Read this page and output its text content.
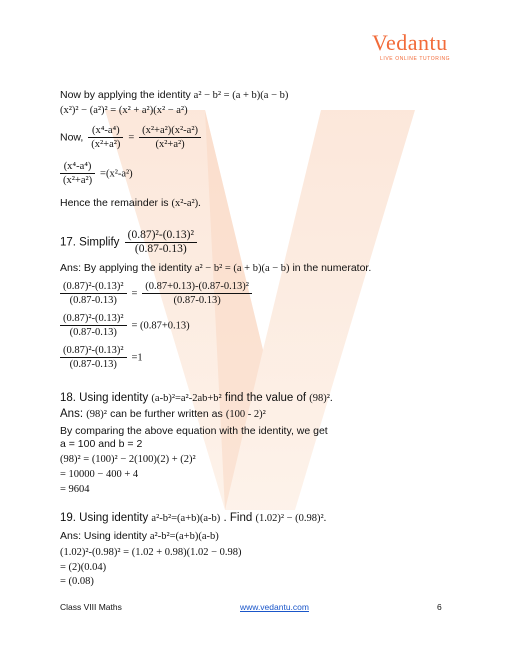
Vedantu
LIVE ONLINE TUTORING
Now by applying the identity a² − b² = (a + b)(a − b)
(x²)² − (a²)² = (x² + a²)(x² − a²)
Now, $\frac{\text{(x⁴-a⁴)}}{\text{(x²+a²)}} = \frac{\text{(x²+a²)(x²-a²)}}{\text{(x²+a²)}}$
$\frac{\text{(x⁴-a⁴)}}{\text{(x²+a²)}} =(x^2-a^2)$
Hence the remainder is (x²-a²).
17. Simplify $\frac{\text{(0.87)²-(0.13)²}}{(0.87-0.13)}$
Ans: By applying the identity a² − b² = (a + b)(a − b) in the numerator.
$\frac{\text{(0.87)²-(0.13)²}}{(0.87-0.13)} = \frac{\text{(0.87+0.13)-(0.87-0.13)²}}{(0.87-0.13)}$
$\frac{\text{(0.87)²-(0.13)²}}{(0.87-0.13)} = (0.87+0.13)$
$\frac{\text{(0.87)²-(0.13)²}}{(0.87-0.13)} =1$
18. Using identity (a-b)²=a²-2ab+b² find the value of (98)².
Ans: (98)² can be further written as (100 - 2)²
By comparing the above equation with the identity, we get
a = 100 and b = 2
(98)² = (100)² − 2(100)(2) + (2)²
= 10000 − 400 + 4
= 9604
19. Using identity a²-b²=(a+b)(a-b) . Find (1.02)² − (0.98)².
Ans: Using identity a²-b²=(a+b)(a-b)
(1.02)²-(0.98)² = (1.02 + 0.98)(1.02 − 0.98)
= (2)(0.04)
= (0.08)
Class VIII Maths	www.vedantu.com	6
